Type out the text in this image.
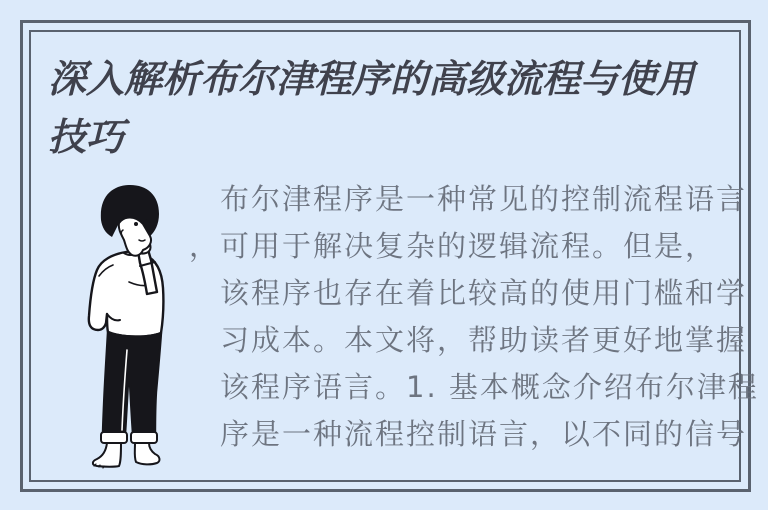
深入解析布尔津程序的高级流程与使用
技巧
布尔津程序是一种常见的控制流程语言
，可用于解决复杂的逻辑流程。但是，
该程序也存在着比较高的使用门槛和学
习成本。本文将，帮助读者更好地掌握
该程序语言。1. 基本概念介绍布尔津程
序是一种流程控制语言，以不同的信号
